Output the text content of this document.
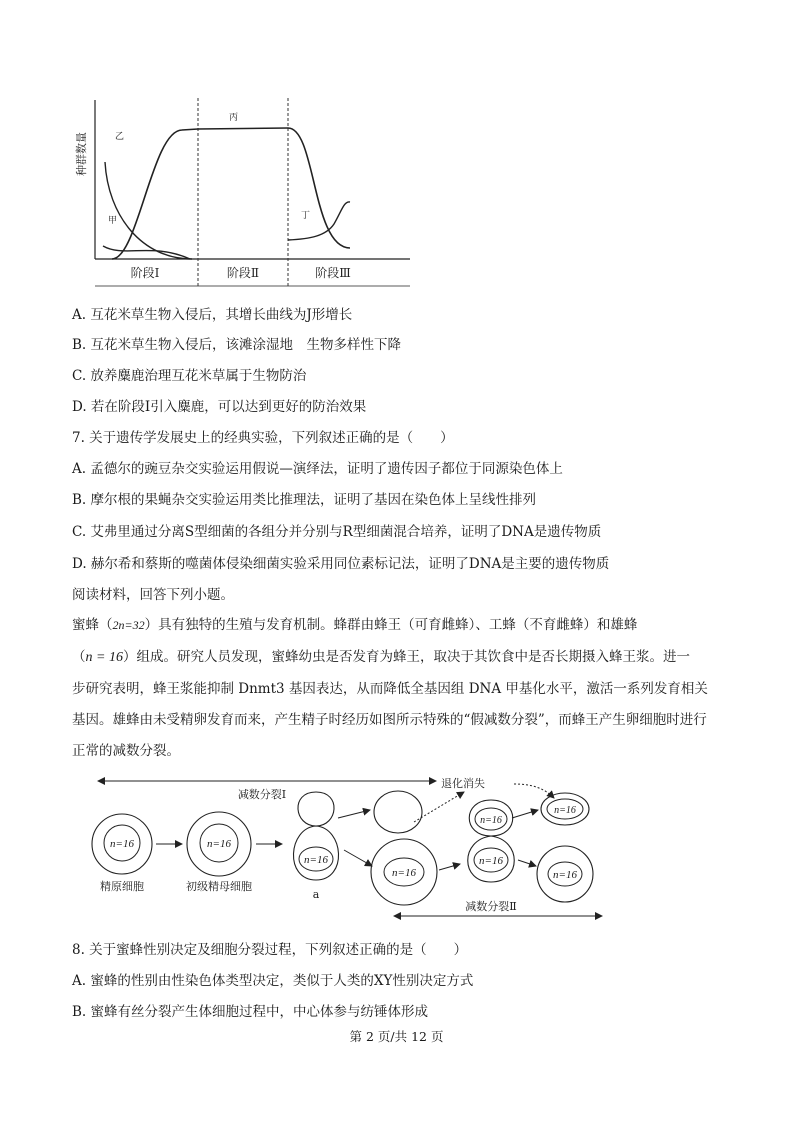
种群数量	乙
甲
丙
丁
阶段Ⅰ	阶段Ⅱ	阶段Ⅲ
A. 互花米草生物入侵后，其增长曲线为J形增长
B. 互花米草生物入侵后，该滩涂湿地　生物多样性下降
C. 放养麋鹿治理互花米草属于生物防治
D. 若在阶段Ⅰ引入麋鹿，可以达到更好的防治效果
7. 关于遗传学发展史上的经典实验，下列叙述正确的是（　　）
A. 孟德尔的豌豆杂交实验运用假说—演绎法，证明了遗传因子都位于同源染色体上
B. 摩尔根的果蝇杂交实验运用类比推理法，证明了基因在染色体上呈线性排列
C. 艾弗里通过分离S型细菌的各组分并分别与R型细菌混合培养，证明了DNA是遗传物质
D. 赫尔希和蔡斯的噬菌体侵染细菌实验采用同位素标记法，证明了DNA是主要的遗传物质
阅读材料，回答下列小题。
蜜蜂（2n=32）具有独特的生殖与发育机制。蜂群由蜂王（可育雌蜂）、工蜂（不育雌蜂）和雄蜂
（n = 16）组成。研究人员发现，蜜蜂幼虫是否发育为蜂王，取决于其饮食中是否长期摄入蜂王浆。进一
步研究表明，蜂王浆能抑制 Dnmt3 基因表达，从而降低全基因组 DNA 甲基化水平，激活一系列发育相关
基因。雄蜂由未受精卵发育而来，产生精子时经历如图所示特殊的“假减数分裂”，而蜂王产生卵细胞时进行
正常的减数分裂。
减数分裂Ⅰ
退化消失
n=16
精原细胞
n=16
初级精母细胞
n=16
a
n=16
n=16
n=16
n=16
n=16
减数分裂Ⅱ
8. 关于蜜蜂性别决定及细胞分裂过程，下列叙述正确的是（　　）
A. 蜜蜂的性别由性染色体类型决定，类似于人类的XY性别决定方式
B. 蜜蜂有丝分裂产生体细胞过程中，中心体参与纺锤体形成
第 2 页/共 12 页
